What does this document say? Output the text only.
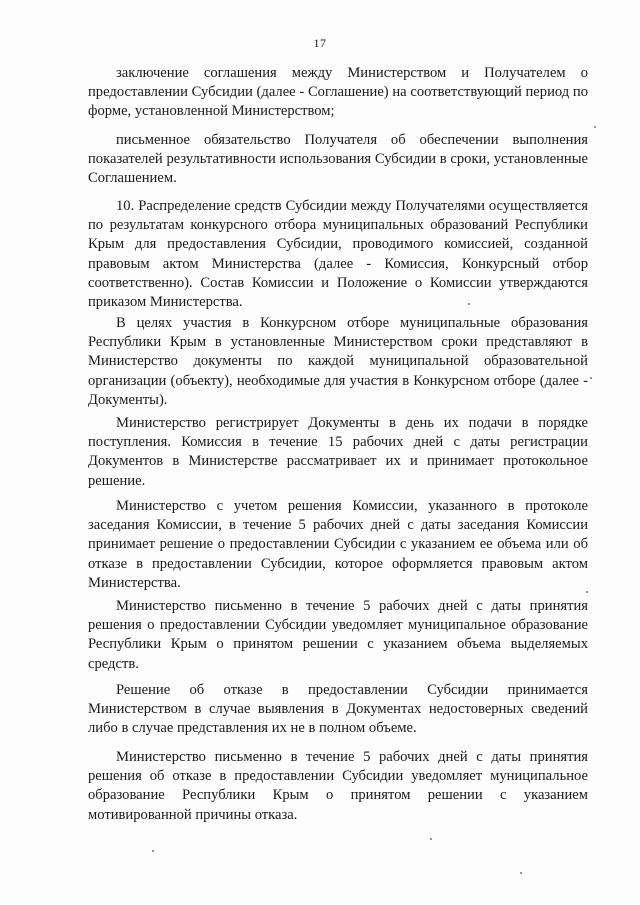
17

заключение соглашения между Министерством и Получателем о предоставлении Субсидии (далее - Соглашение) на соответствующий период по форме, установленной Министерством;

письменное обязательство Получателя об обеспечении выполнения показателей результативности использования Субсидии в сроки, установленные Соглашением.

10. Распределение средств Субсидии между Получателями осуществляется по результатам конкурсного отбора муниципальных образований Республики Крым для предоставления Субсидии, проводимого комиссией, созданной правовым актом Министерства (далее - Комиссия, Конкурсный отбор соответственно). Состав Комиссии и Положение о Комиссии утверждаются приказом Министерства.

В целях участия в Конкурсном отборе муниципальные образования Республики Крым в установленные Министерством сроки представляют в Министерство документы по каждой муниципальной образовательной организации (объекту), необходимые для участия в Конкурсном отборе (далее - Документы).

Министерство регистрирует Документы в день их подачи в порядке поступления. Комиссия в течение 15 рабочих дней с даты регистрации Документов в Министерстве рассматривает их и принимает протокольное решение.

Министерство с учетом решения Комиссии, указанного в протоколе заседания Комиссии, в течение 5 рабочих дней с даты заседания Комиссии принимает решение о предоставлении Субсидии с указанием ее объема или об отказе в предоставлении Субсидии, которое оформляется правовым актом Министерства.

Министерство письменно в течение 5 рабочих дней с даты принятия решения о предоставлении Субсидии уведомляет муниципальное образование Республики Крым о принятом решении с указанием объема выделяемых средств.

Решение об отказе в предоставлении Субсидии принимается Министерством в случае выявления в Документах недостоверных сведений либо в случае представления их не в полном объеме.

Министерство письменно в течение 5 рабочих дней с даты принятия решения об отказе в предоставлении Субсидии уведомляет муниципальное образование Республики Крым о принятом решении с указанием мотивированной причины отказа.
